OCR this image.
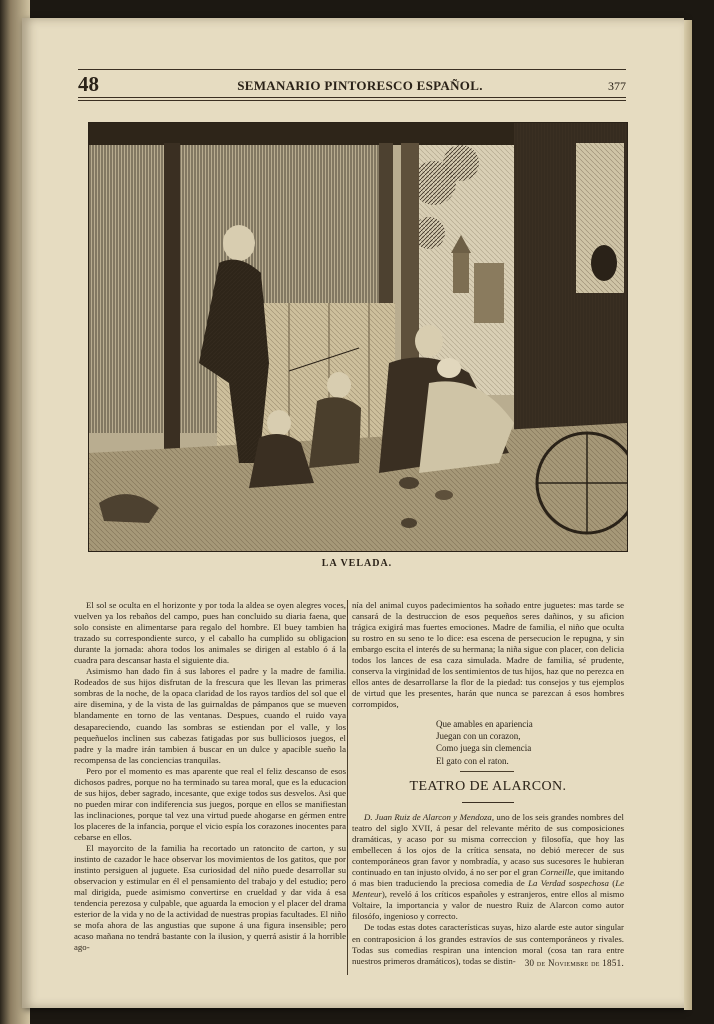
48	SEMANARIO PINTORESCO ESPAÑOL.	377
LA VELADA.

El sol se oculta en el horizonte y por toda la aldea se oyen alegres voces, vuelven ya los rebaños del campo, pues han concluido su diaria faena, que solo consiste en alimentarse para regalo del hombre. El buey tambien ha trazado su correspondiente surco, y el caballo ha cumplido su obligacion durante la jornada: ahora todos los animales se dirigen al establo ó á la cuadra para descansar hasta el siguiente dia.

Asimismo han dado fin á sus labores el padre y la madre de familia. Rodeados de sus hijos disfrutan de la frescura que les llevan las primeras sombras de la noche, de la opaca claridad de los rayos tardíos del sol que el aire disemina, y de la vista de las guirnaldas de pámpanos que se mueven blandamente en torno de las ventanas. Despues, cuando el ruido vaya desapareciendo, cuando las sombras se estiendan por el valle, y los pequeñuelos inclinen sus cabezas fatigadas por sus bulliciosos juegos, el padre y la madre irán tambien á buscar en un dulce y apacible sueño la recompensa de las conciencias tranquilas.

Pero por el momento es mas aparente que real el feliz descanso de esos dichosos padres, porque no ha terminado su tarea moral, que es la educacion de sus hijos, deber sagrado, incesante, que exige todos sus desvelos. Asi que no pueden mirar con indiferencia sus juegos, porque en ellos se manifiestan las inclinaciones, porque tal vez una virtud puede ahogarse en gérmen entre los placeres de la infancia, porque el vicio espía los corazones inocentes para cebarse en ellos.

El mayorcito de la familia ha recortado un ratoncito de carton, y su instinto de cazador le hace observar los movimientos de los gatitos, que por instinto persiguen al juguete. Esa curiosidad del niño puede desarrollar su observacion y estimular en él el pensamiento del trabajo y del estudio; pero mal dirigida, puede asimismo convertirse en crueldad y dar vida á esa tendencia perezosa y culpable, que aguarda la emocion y el placer del drama esterior de la vida y no de la actividad de nuestras propias facultades. El niño se mofa ahora de las angustias que supone á una figura insensible; pero acaso mañana no tendrá bastante con la ilusion, y querrá asistir á la horrible ago-

nía del animal cuyos padecimientos ha soñado entre juguetes: mas tarde se cansará de la destruccion de esos pequeños seres dañinos, y su aficion trágica exigirá mas fuertes emociones. Madre de familia, el niño que oculta su rostro en su seno te lo dice: esa escena de persecucion le repugna, y sin embargo escita el interés de su hermana; la niña sigue con placer, con delicia todos los lances de esa caza simulada. Madre de familia, sé prudente, conserva la virginidad de los sentimientos de tus hijos, haz que no perezca en ellos antes de desarrollarse la flor de la piedad: tus consejos y tus ejemplos de virtud que les presentes, harán que nunca se parezcan á esos hombres corrompidos,

Que amables en apariencia
Juegan con un corazon,
Como juega sin clemencia
El gato con el raton.
TEATRO DE ALARCON.

D. Juan Ruiz de Alarcon y Mendoza, uno de los seis grandes nombres del teatro del siglo XVII, á pesar del relevante mérito de sus composiciones dramáticas, y acaso por su misma correccion y filosofía, que hoy las embellecen á los ojos de la crítica sensata, no debió merecer de sus contemporáneos gran favor y nombradía, y acaso sus sucesores le hubieran continuado en tan injusto olvido, á no ser por el gran Corneille, que imitando ó mas bien traduciendo la preciosa comedia de La Verdad sospechosa (Le Menteur), reveló á los críticos españoles y estranjeros, entre ellos al mismo Voltaire, la importancia y valor de nuestro Ruiz de Alarcon como autor filosófo, ingenioso y correcto.

De todas estas dotes características suyas, hizo alarde este autor singular en contraposicion á los grandes estravíos de sus contemporáneos y rivales. Todas sus comedias respiran una intencion moral (cosa tan rara entre nuestros primeros dramáticos), todas se distin-	30 de Noviembre de 1851.
